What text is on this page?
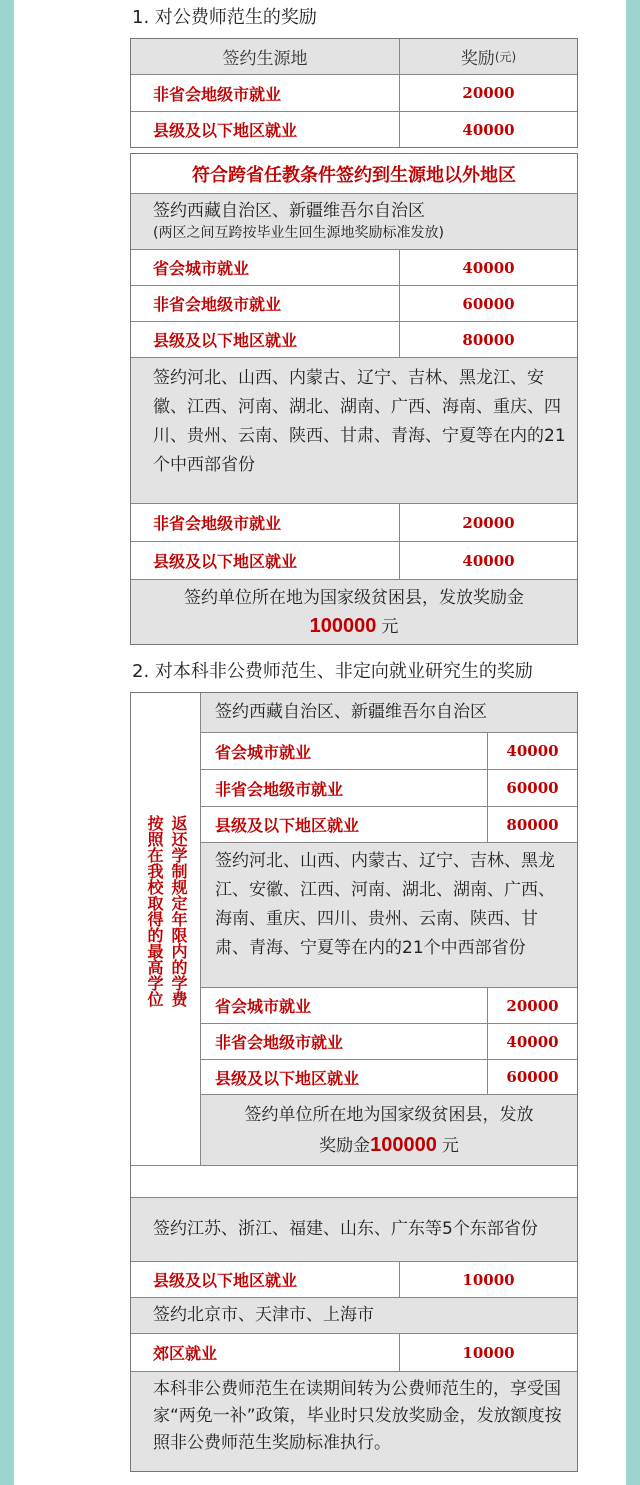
1. 对公费师范生的奖励
签约生源地	奖励 (元)
非省会地级市就业	20000
县级及以下地区就业	40000
符合跨省任教条件签约到生源地以外地区
签约西藏自治区、新疆维吾尔自治区
(两区之间互跨按毕业生回生源地奖励标准发放)
省会城市就业	40000
非省会地级市就业	60000
县级及以下地区就业	80000
签约河北、山西、内蒙古、辽宁、吉林、黑龙江、安徽、江西、河南、湖北、湖南、广西、海南、重庆、四川、贵州、云南、陕西、甘肃、青海、宁夏等在内的21个中西部省份
非省会地级市就业	20000
县级及以下地区就业	40000
签约单位所在地为国家级贫困县，发放奖励金
100000 元
2. 对本科非公费师范生、非定向就业研究生的奖励
按照在我校取得的最高学位 返还学制规定年限内的学费
签约西藏自治区、新疆维吾尔自治区
省会城市就业	40000
非省会地级市就业	60000
县级及以下地区就业	80000
签约河北、山西、内蒙古、辽宁、吉林、黑龙江、安徽、江西、河南、湖北、湖南、广西、海南、重庆、四川、贵州、云南、陕西、甘肃、青海、宁夏等在内的21个中西部省份
省会城市就业	20000
非省会地级市就业	40000
县级及以下地区就业	60000
签约单位所在地为国家级贫困县，发放
奖励金100000 元
签约江苏、浙江、福建、山东、广东等5个东部省份
县级及以下地区就业	10000
签约北京市、天津市、上海市
郊区就业	10000
本科非公费师范生在读期间转为公费师范生的，享受国家“两免一补”政策，毕业时只发放奖励金，发放额度按照非公费师范生奖励标准执行。
